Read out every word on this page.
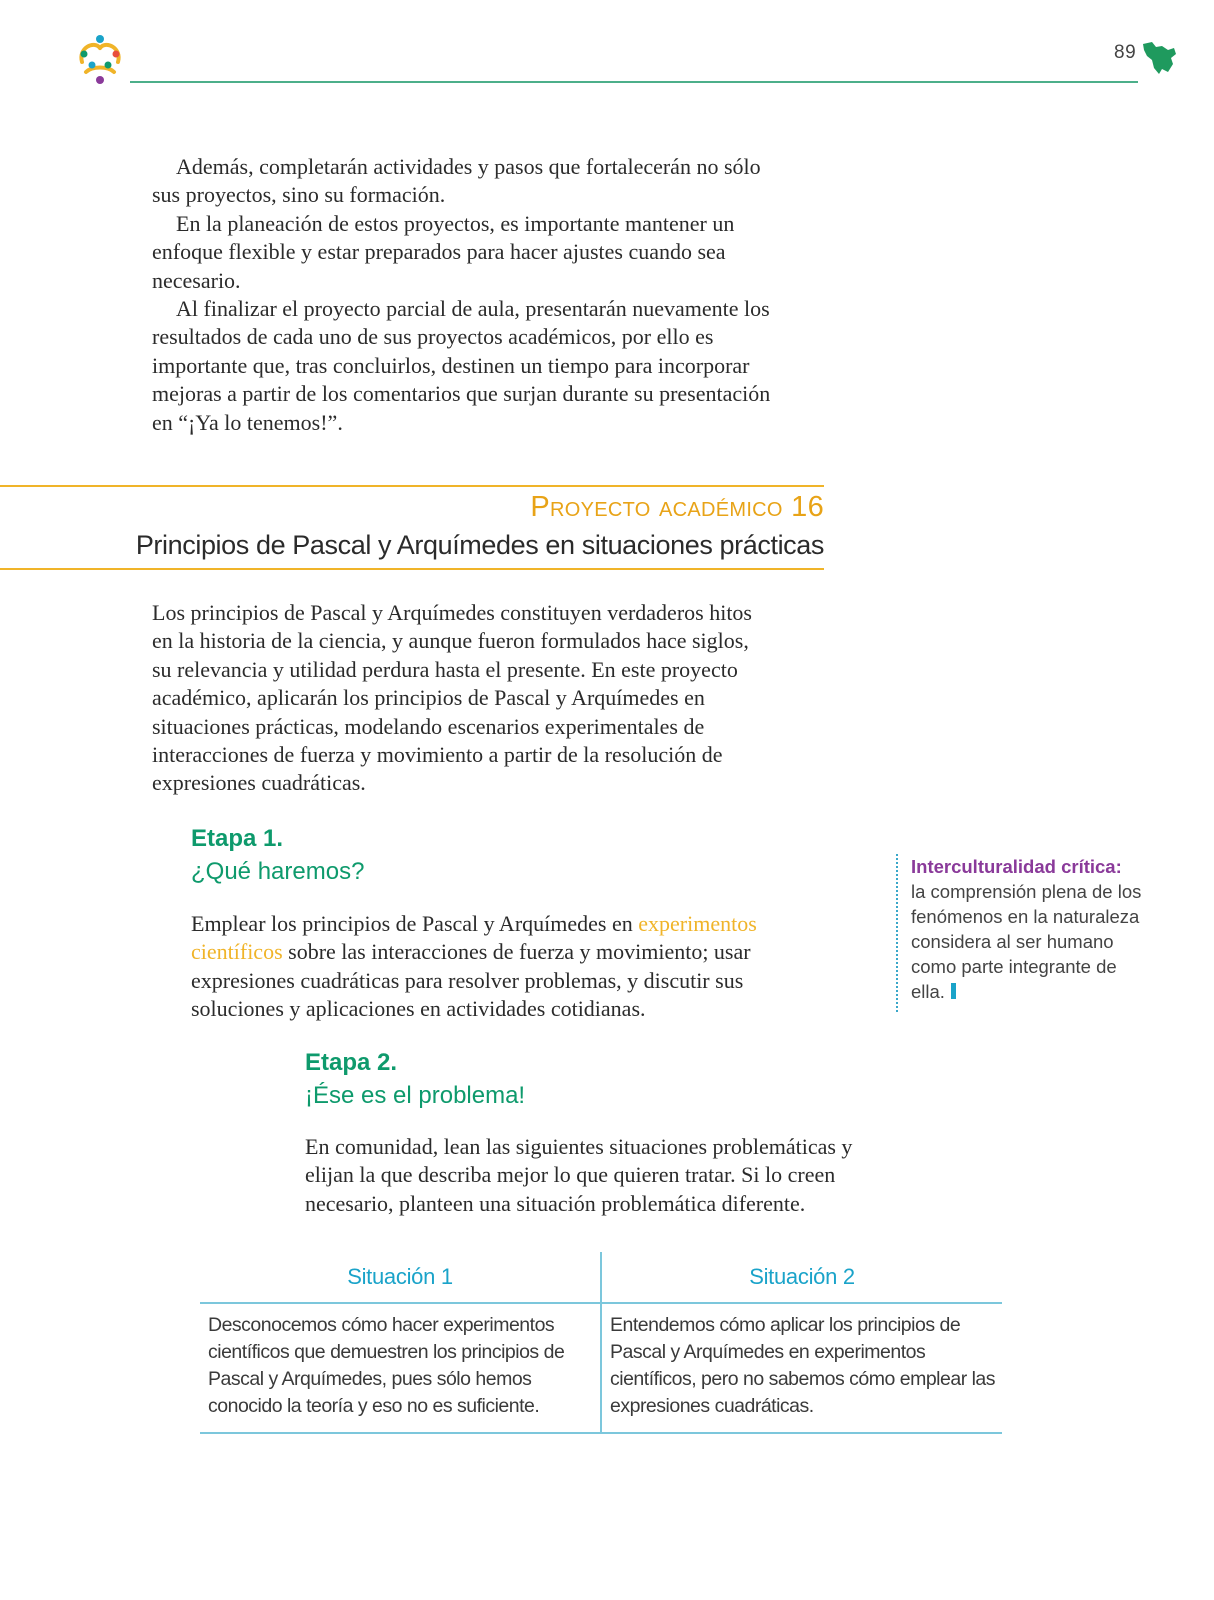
89

Además, completarán actividades y pasos que fortalecerán no sólo sus proyectos, sino su formación.

En la planeación de estos proyectos, es importante mantener un enfoque flexible y estar preparados para hacer ajustes cuando sea necesario.

Al finalizar el proyecto parcial de aula, presentarán nuevamente los resultados de cada uno de sus proyectos académicos, por ello es importante que, tras concluirlos, destinen un tiempo para incorporar mejoras a partir de los comentarios que surjan durante su presentación en “¡Ya lo tenemos!”.

Proyecto académico 16
Principios de Pascal y Arquímedes en situaciones prácticas

Los principios de Pascal y Arquímedes constituyen verdaderos hitos en la historia de la ciencia, y aunque fueron formulados hace siglos, su relevancia y utilidad perdura hasta el presente. En este proyecto académico, aplicarán los principios de Pascal y Arquímedes en situaciones prácticas, modelando escenarios experimentales de interacciones de fuerza y movimiento a partir de la resolución de expresiones cuadráticas.

Etapa 1.
¿Qué haremos?

Emplear los principios de Pascal y Arquímedes en experimentos científicos sobre las interacciones de fuerza y movimiento; usar expresiones cuadráticas para resolver problemas, y discutir sus soluciones y aplicaciones en actividades cotidianas.

Interculturalidad crítica:
la comprensión plena de los fenómenos en la naturaleza considera al ser humano como parte integrante de ella.
Etapa 2.
¡Ése es el problema!

En comunidad, lean las siguientes situaciones problemáticas y elijan la que describa mejor lo que quieren tratar. Si lo creen necesario, planteen una situación problemática diferente.

Situación 1	Situación 2
Desconocemos cómo hacer experimentos científicos que demuestren los principios de Pascal y Arquímedes, pues sólo hemos conocido la teoría y eso no es suficiente.
Entendemos cómo aplicar los principios de Pascal y Arquímedes en experimentos científicos, pero no sabemos cómo emplear las expresiones cuadráticas.
